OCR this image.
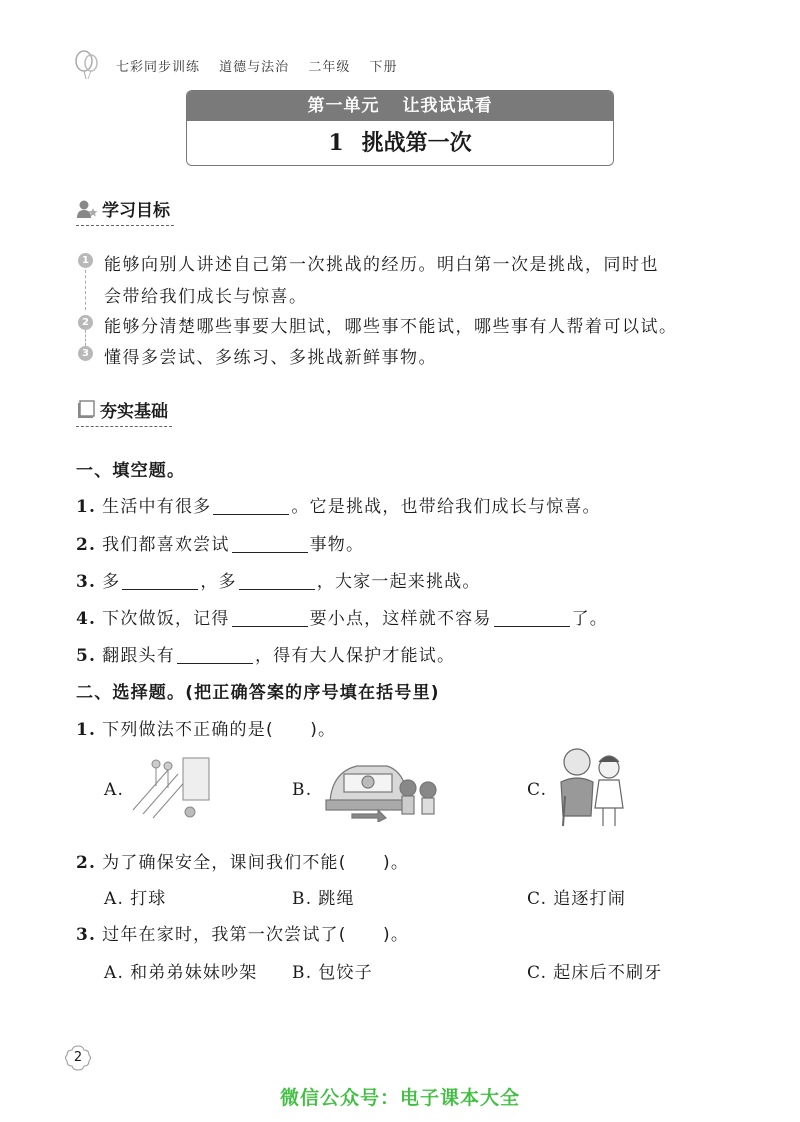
七彩同步训练 道德与法治 二年级 下册
第一单元 让我试试看
1 挑战第一次
学习目标
1 能够向别人讲述自己第一次挑战的经历。明白第一次是挑战，同时也
会带给我们成长与惊喜。
2 能够分清楚哪些事要大胆试，哪些事不能试，哪些事有人帮着可以试。
3 懂得多尝试、多练习、多挑战新鲜事物。
夯实基础
一、填空题。
1. 生活中有很多	。它是挑战，也带给我们成长与惊喜。
2. 我们都喜欢尝试	事物。
3. 多	，多	，大家一起来挑战。
4. 下次做饭，记得	要小点，这样就不容易	了。
5. 翻跟头有	，得有大人保护才能试。
二、选择题。(把正确答案的序号填在括号里)
1. 下列做法不正确的是(　　)。
A.	B.	C.
2. 为了确保安全，课间我们不能(　　)。
A. 打球	B. 跳绳	C. 追逐打闹
3. 过年在家时，我第一次尝试了(　　)。
A. 和弟弟妹妹吵架 B. 包饺子	C. 起床后不刷牙
2
微信公众号：电子课本大全
